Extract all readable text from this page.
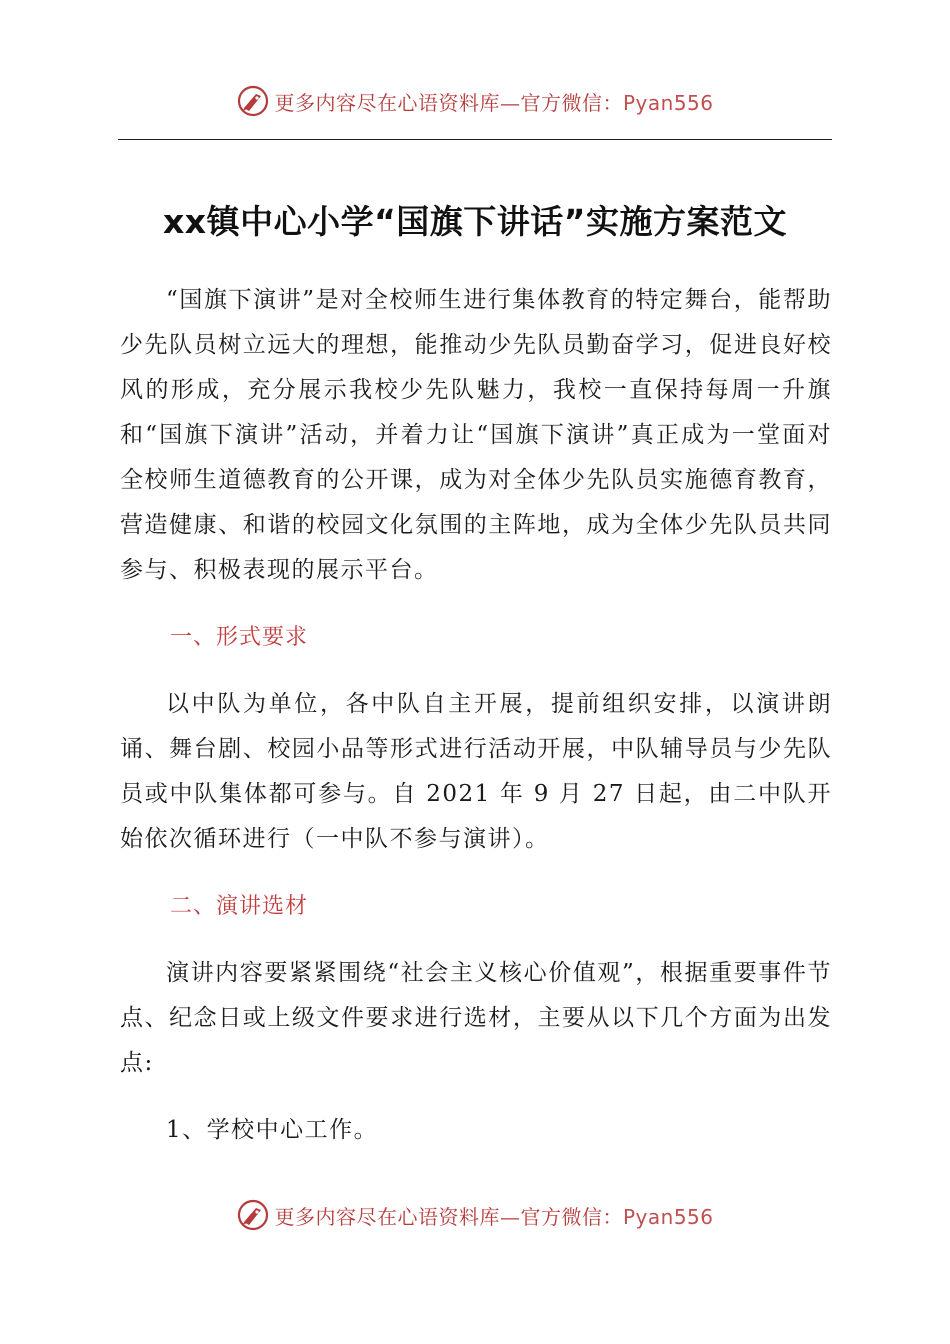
更多内容尽在心语资料库—官方微信：Pyan556
xx镇中心小学“国旗下讲话”实施方案范文

“国旗下演讲”是对全校师生进行集体教育的特定舞台，能帮助少先队员树立远大的理想，能推动少先队员勤奋学习，促进良好校风的形成，充分展示我校少先队魅力，我校一直保持每周一升旗和“国旗下演讲”活动，并着力让“国旗下演讲”真正成为一堂面对全校师生道德教育的公开课，成为对全体少先队员实施德育教育，营造健康、和谐的校园文化氛围的主阵地，成为全体少先队员共同参与、积极表现的展示平台。

一、形式要求

以中队为单位，各中队自主开展，提前组织安排，以演讲朗诵、舞台剧、校园小品等形式进行活动开展，中队辅导员与少先队员或中队集体都可参与。自 2021 年 9 月 27 日起，由二中队开始依次循环进行（一中队不参与演讲）。

二、演讲选材

演讲内容要紧紧围绕“社会主义核心价值观”，根据重要事件节点、纪念日或上级文件要求进行选材，主要从以下几个方面为出发点:

1、学校中心工作。

更多内容尽在心语资料库—官方微信：Pyan556
